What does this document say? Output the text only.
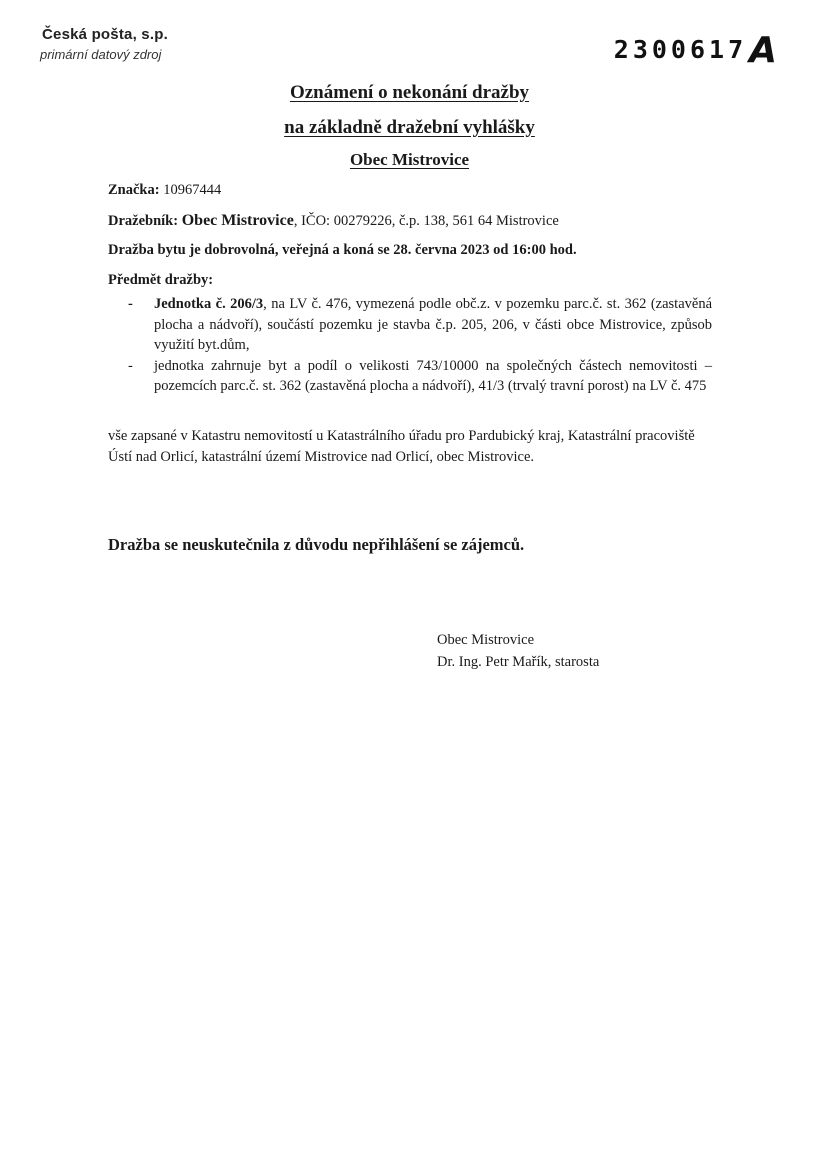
Česká pošta, s.p.
primární datový zdroj	2300617A
Oznámení o nekonání dražby
na základně dražební vyhlášky
Obec Mistrovice
Značka: 10967444
Dražebník: Obec Mistrovice, IČO: 00279226, č.p. 138, 561 64 Mistrovice
Dražba bytu je dobrovolná, veřejná a koná se 28. června 2023 od 16:00 hod.
Předmět dražby:
- Jednotka č. 206/3, na LV č. 476, vymezená podle obč.z. v pozemku parc.č. st. 362 (zastavěná plocha a nádvoří), součástí pozemku je stavba č.p. 205, 206, v části obce Mistrovice, způsob využití byt.dům,
- jednotka zahrnuje byt a podíl o velikosti 743/10000 na společných částech nemovitosti – pozemcích parc.č. st. 362 (zastavěná plocha a nádvoří), 41/3 (trvalý travní porost) na LV č. 475
vše zapsané v Katastru nemovitostí u Katastrálního úřadu pro Pardubický kraj, Katastrální pracoviště Ústí nad Orlicí, katastrální území Mistrovice nad Orlicí, obec Mistrovice.
Dražba se neuskutečnila z důvodu nepřihlášení se zájemců.
Obec Mistrovice
Dr. Ing. Petr Mařík, starosta
